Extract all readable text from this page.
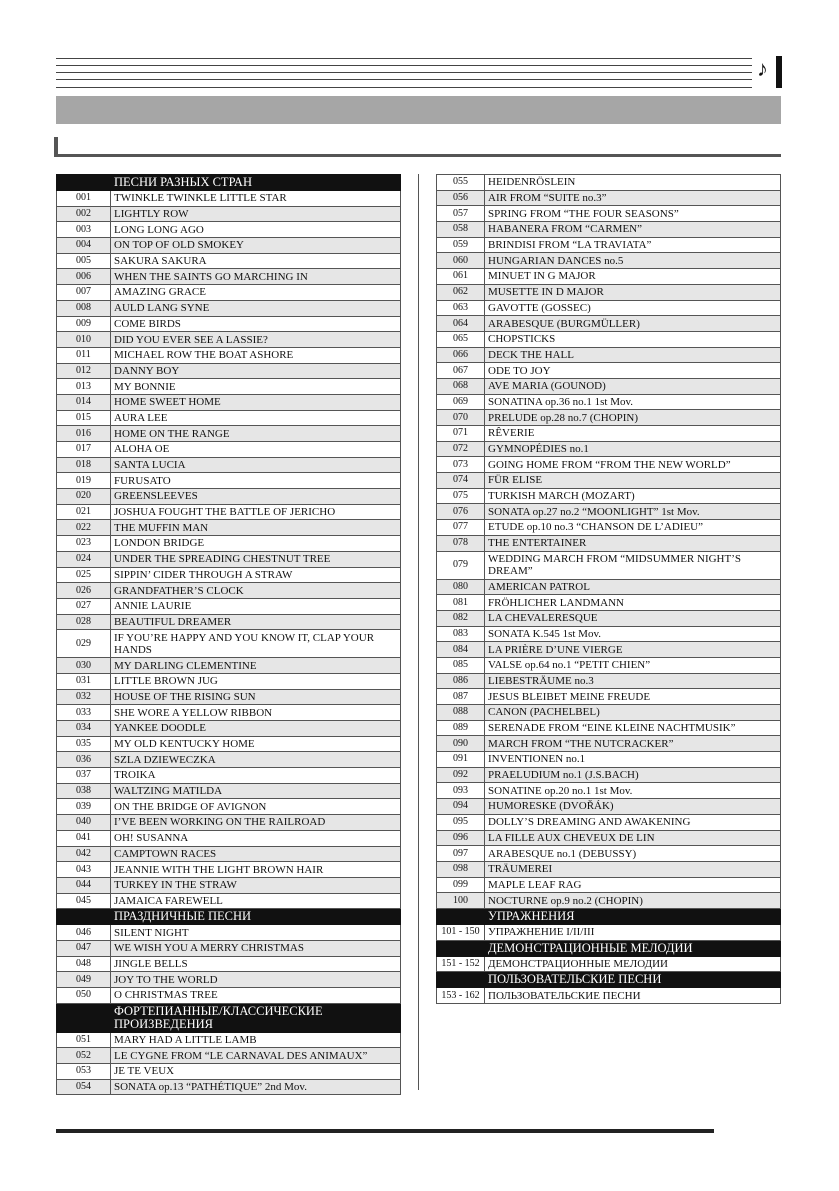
♪
	ПЕСНИ РАЗНЫХ СТРАН
001	TWINKLE TWINKLE LITTLE STAR
002	LIGHTLY ROW
003	LONG LONG AGO
004	ON TOP OF OLD SMOKEY
005	SAKURA SAKURA
006	WHEN THE SAINTS GO MARCHING IN
007	AMAZING GRACE
008	AULD LANG SYNE
009	COME BIRDS
010	DID YOU EVER SEE A LASSIE?
011	MICHAEL ROW THE BOAT ASHORE
012	DANNY BOY
013	MY BONNIE
014	HOME SWEET HOME
015	AURA LEE
016	HOME ON THE RANGE
017	ALOHA OE
018	SANTA LUCIA
019	FURUSATO
020	GREENSLEEVES
021	JOSHUA FOUGHT THE BATTLE OF JERICHO
022	THE MUFFIN MAN
023	LONDON BRIDGE
024	UNDER THE SPREADING CHESTNUT TREE
025	SIPPIN’ CIDER THROUGH A STRAW
026	GRANDFATHER’S CLOCK
027	ANNIE LAURIE
028	BEAUTIFUL DREAMER
029	IF YOU’RE HAPPY AND YOU KNOW IT, CLAP YOUR HANDS
030	MY DARLING CLEMENTINE
031	LITTLE BROWN JUG
032	HOUSE OF THE RISING SUN
033	SHE WORE A YELLOW RIBBON
034	YANKEE DOODLE
035	MY OLD KENTUCKY HOME
036	SZLA DZIEWECZKA
037	TROIKA
038	WALTZING MATILDA
039	ON THE BRIDGE OF AVIGNON
040	I’VE BEEN WORKING ON THE RAILROAD
041	OH! SUSANNA
042	CAMPTOWN RACES
043	JEANNIE WITH THE LIGHT BROWN HAIR
044	TURKEY IN THE STRAW
045	JAMAICA FAREWELL
	ПРАЗДНИЧНЫЕ ПЕСНИ
046	SILENT NIGHT
047	WE WISH YOU A MERRY CHRISTMAS
048	JINGLE BELLS
049	JOY TO THE WORLD
050	O CHRISTMAS TREE
	ФОРТЕПИАННЫЕ/КЛАССИЧЕСКИЕ ПРОИЗВЕДЕНИЯ
051	MARY HAD A LITTLE LAMB
052	LE CYGNE FROM “LE CARNAVAL DES ANIMAUX”
053	JE TE VEUX
054	SONATA op.13 “PATHÉTIQUE” 2nd Mov.
055	HEIDENRÖSLEIN
056	AIR FROM “SUITE no.3”
057	SPRING FROM “THE FOUR SEASONS”
058	HABANERA FROM “CARMEN”
059	BRINDISI FROM “LA TRAVIATA”
060	HUNGARIAN DANCES no.5
061	MINUET IN G MAJOR
062	MUSETTE IN D MAJOR
063	GAVOTTE (GOSSEC)
064	ARABESQUE (BURGMÜLLER)
065	CHOPSTICKS
066	DECK THE HALL
067	ODE TO JOY
068	AVE MARIA (GOUNOD)
069	SONATINA op.36 no.1 1st Mov.
070	PRELUDE op.28 no.7 (CHOPIN)
071	RÊVERIE
072	GYMNOPÉDIES no.1
073	GOING HOME FROM “FROM THE NEW WORLD”
074	FÜR ELISE
075	TURKISH MARCH (MOZART)
076	SONATA op.27 no.2 “MOONLIGHT” 1st Mov.
077	ETUDE op.10 no.3 “CHANSON DE L’ADIEU”
078	THE ENTERTAINER
079	WEDDING MARCH FROM “MIDSUMMER NIGHT’S DREAM”
080	AMERICAN PATROL
081	FRÖHLICHER LANDMANN
082	LA CHEVALERESQUE
083	SONATA K.545 1st Mov.
084	LA PRIÈRE D’UNE VIERGE
085	VALSE op.64 no.1 “PETIT CHIEN”
086	LIEBESTRÄUME no.3
087	JESUS BLEIBET MEINE FREUDE
088	CANON (PACHELBEL)
089	SERENADE FROM “EINE KLEINE NACHTMUSIK”
090	MARCH FROM “THE NUTCRACKER”
091	INVENTIONEN no.1
092	PRAELUDIUM no.1 (J.S.BACH)
093	SONATINE op.20 no.1 1st Mov.
094	HUMORESKE (DVOŘÁK)
095	DOLLY’S DREAMING AND AWAKENING
096	LA FILLE AUX CHEVEUX DE LIN
097	ARABESQUE no.1 (DEBUSSY)
098	TRÄUMEREI
099	MAPLE LEAF RAG
100	NOCTURNE op.9 no.2 (CHOPIN)
	УПРАЖНЕНИЯ
101 - 150	УПРАЖНЕНИЕ I/II/III
	ДЕМОНСТРАЦИОННЫЕ МЕЛОДИИ
151 - 152	ДЕМОНСТРАЦИОННЫЕ МЕЛОДИИ
	ПОЛЬЗОВАТЕЛЬСКИЕ ПЕСНИ
153 - 162	ПОЛЬЗОВАТЕЛЬСКИЕ ПЕСНИ
